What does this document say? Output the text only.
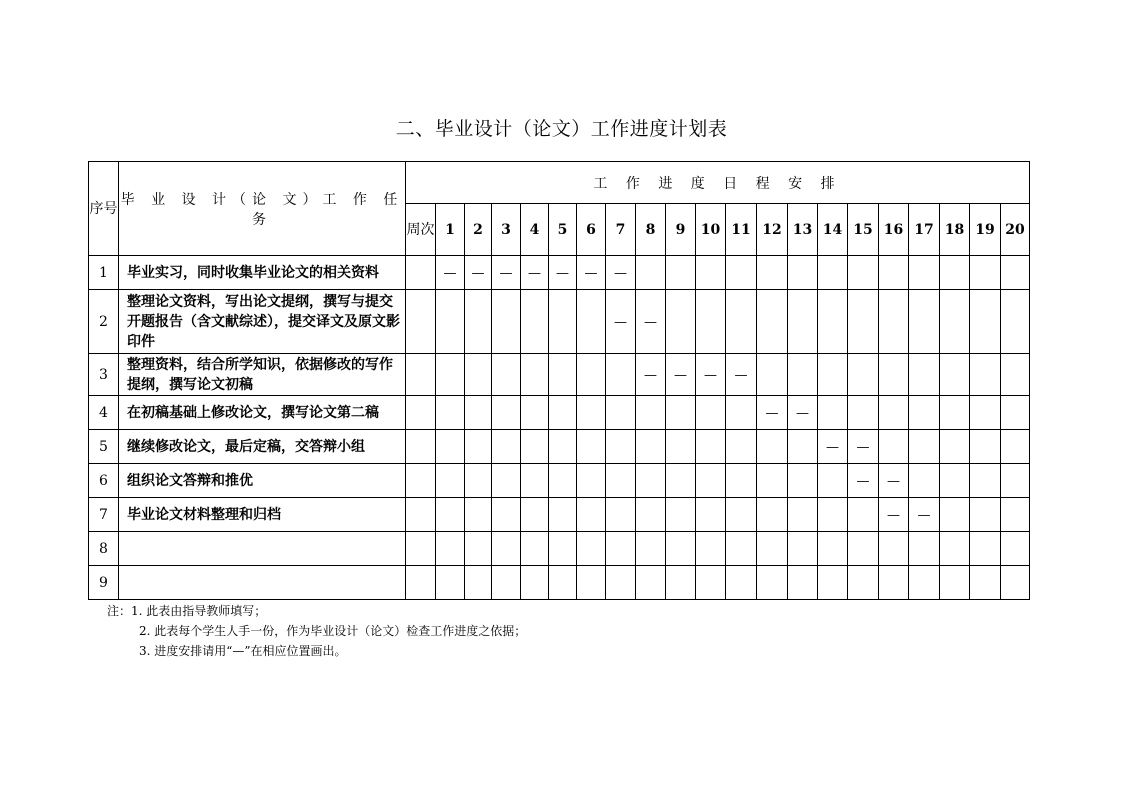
二、毕业设计（论文）工作进度计划表
序号	毕 业 设 计（论 文）工 作 任 务	工 作 进 度 日 程 安 排																				
		周次	1	2	3	4	5	6	7	8	9	10	11	12	13	14	15	16	17	18	19	20
1	毕业实习，同时收集毕业论文的相关资料		—	—	—	—	—	—	—													
2	整理论文资料，写出论文提纲，撰写与提交开题报告（含文献综述），提交译文及原文影印件								—	—												
3	整理资料，结合所学知识，依据修改的写作提纲，撰写论文初稿									—	—	—	—									
4	在初稿基础上修改论文，撰写论文第二稿													—	—							
5	继续修改论文，最后定稿，交答辩小组															—	—					
6	组织论文答辩和推优																—	—				
7	毕业论文材料整理和归档																	—	—			
8																						
9																						
注：1. 此表由指导教师填写；
2. 此表每个学生人手一份，作为毕业设计（论文）检查工作进度之依据；
3. 进度安排请用“—”在相应位置画出。
